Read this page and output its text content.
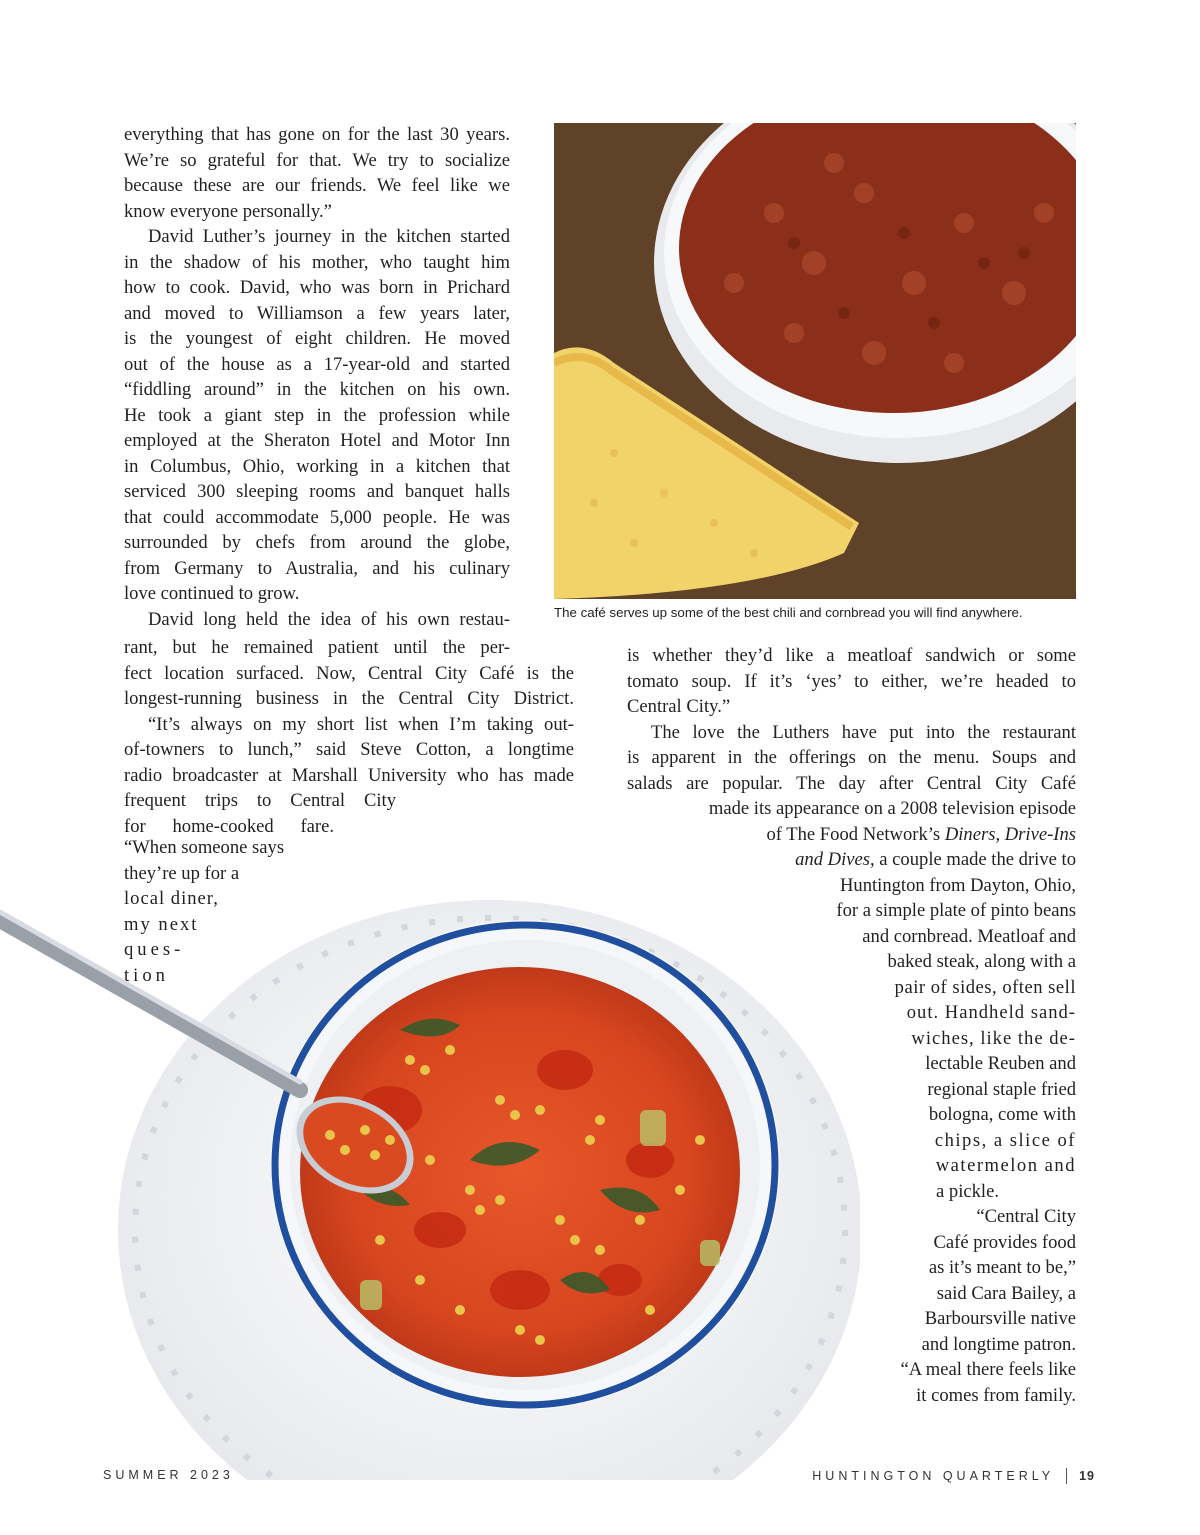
everything that has gone on for the last 30 years.
We’re so grateful for that. We try to socialize
because these are our friends. We feel like we
know everyone personally.”
David Luther’s journey in the kitchen started
in the shadow of his mother, who taught him
how to cook. David, who was born in Prichard
and moved to Williamson a few years later,
is the youngest of eight children. He moved
out of the house as a 17-year-old and started
“fiddling around” in the kitchen on his own.
He took a giant step in the profession while
employed at the Sheraton Hotel and Motor Inn
in Columbus, Ohio, working in a kitchen that
serviced 300 sleeping rooms and banquet halls
that could accommodate 5,000 people. He was
surrounded by chefs from around the globe,
from Germany to Australia, and his culinary
love continued to grow.
David long held the idea of his own restau-
rant, but he remained patient until the per-
fect location surfaced. Now, Central City Café is the
longest-running business in the Central City District.
“It’s always on my short list when I’m taking out-
of-towners to lunch,” said Steve Cotton, a longtime
radio broadcaster at Marshall University who has made
frequent trips to Central City
for home-cooked fare.
“When someone says
they’re up for a
local diner,
my next
ques-
tion
The café serves up some of the best chili and cornbread you will find anywhere.
is whether they’d like a meatloaf sandwich or some
tomato soup. If it’s ‘yes’ to either, we’re headed to
Central City.”
The love the Luthers have put into the restaurant
is apparent in the offerings on the menu. Soups and
salads are popular. The day after Central City Café
made its appearance on a 2008 television episode
of The Food Network’s Diners, Drive-Ins
and Dives, a couple made the drive to
Huntington from Dayton, Ohio,
for a simple plate of pinto beans
and cornbread. Meatloaf and
baked steak, along with a
pair of sides, often sell
out. Handheld sand-
wiches, like the de-
lectable Reuben and
regional staple fried
bologna, come with
chips, a slice of
watermelon and
a pickle.
“Central City
Café provides food
as it’s meant to be,”
said Cara Bailey, a
Barboursville native
and longtime patron.
“A meal there feels like
it comes from family.
SUMMER 2023	HUNTINGTON QUARTERLY 19
